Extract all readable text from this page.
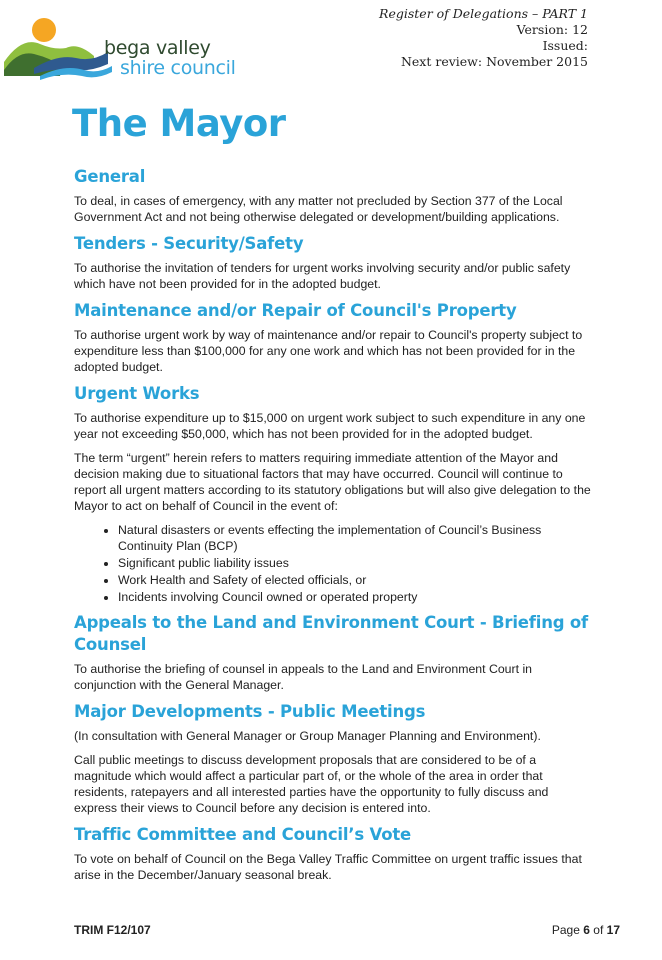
bega valley
shire council
Register of Delegations – PART 1
Version: 12
Issued:
Next review: November 2015
The Mayor
General

To deal, in cases of emergency, with any matter not precluded by Section 377 of the Local Government Act and not being otherwise delegated or development/building applications.

Tenders - Security/Safety

To authorise the invitation of tenders for urgent works involving security and/or public safety which have not been provided for in the adopted budget.

Maintenance and/or Repair of Council's Property

To authorise urgent work by way of maintenance and/or repair to Council's property subject to expenditure less than $100,000 for any one work and which has not been provided for in the adopted budget.

Urgent Works

To authorise expenditure up to $15,000 on urgent work subject to such expenditure in any one year not exceeding $50,000, which has not been provided for in the adopted budget.

The term “urgent” herein refers to matters requiring immediate attention of the Mayor and decision making due to situational factors that may have occurred. Council will continue to report all urgent matters according to its statutory obligations but will also give delegation to the Mayor to act on behalf of Council in the event of:

• Natural disasters or events effecting the implementation of Council’s Business Continuity Plan (BCP)
• Significant public liability issues
• Work Health and Safety of elected officials, or
• Incidents involving Council owned or operated property
Appeals to the Land and Environment Court - Briefing of Counsel

To authorise the briefing of counsel in appeals to the Land and Environment Court in conjunction with the General Manager.

Major Developments - Public Meetings

(In consultation with General Manager or Group Manager Planning and Environment).

Call public meetings to discuss development proposals that are considered to be of a magnitude which would affect a particular part of, or the whole of the area in order that residents, ratepayers and all interested parties have the opportunity to fully discuss and express their views to Council before any decision is entered into.

Traffic Committee and Council’s Vote

To vote on behalf of Council on the Bega Valley Traffic Committee on urgent traffic issues that arise in the December/January seasonal break.

TRIM F12/107	Page 6 of 17
